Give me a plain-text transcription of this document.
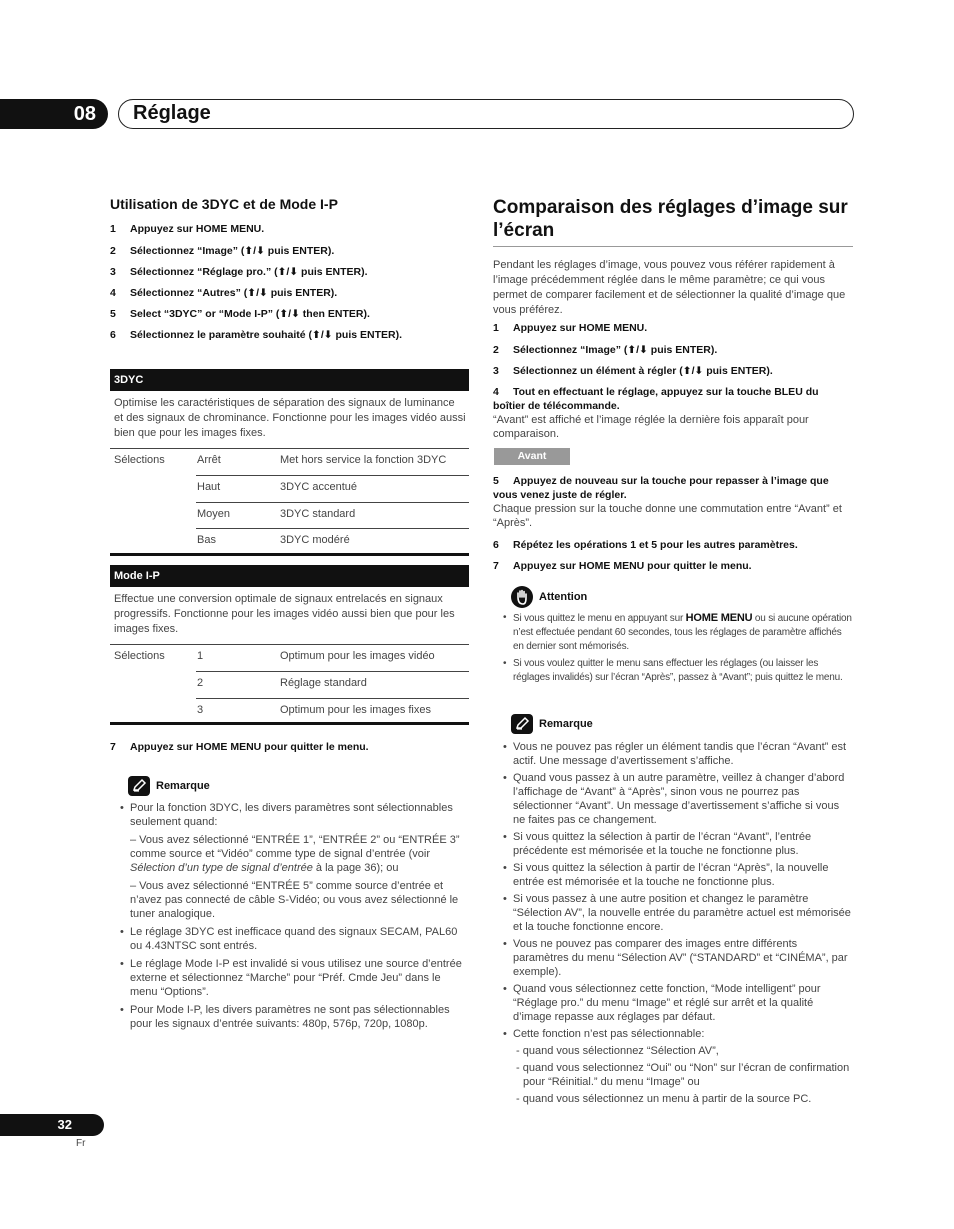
08	Réglage
Utilisation de 3DYC et de Mode I-P
1 Appuyez sur HOME MENU.
2 Sélectionnez “Image” (⬆/⬇ puis ENTER).
3 Sélectionnez “Réglage pro.” (⬆/⬇ puis ENTER).
4 Sélectionnez “Autres” (⬆/⬇ puis ENTER).
5 Select “3DYC” or “Mode I-P” (⬆/⬇ then ENTER).
6 Sélectionnez le paramètre souhaité (⬆/⬇ puis ENTER).
3DYC
Optimise les caractéristiques de séparation des signaux de luminance et des signaux de chrominance. Fonctionne pour les images vidéo aussi bien que pour les images fixes.
Sélections	Arrêt	Met hors service la fonction 3DYC
	Haut	3DYC accentué
	Moyen	3DYC standard
	Bas	3DYC modéré
Mode I-P
Effectue une conversion optimale de signaux entrelacés en signaux progressifs. Fonctionne pour les images vidéo aussi bien que pour les images fixes.
Sélections	1	Optimum pour les images vidéo
	2	Réglage standard
	3	Optimum pour les images fixes
7 Appuyez sur HOME MENU pour quitter le menu.
Remarque
• Pour la fonction 3DYC, les divers paramètres sont sélectionnables seulement quand:
– Vous avez sélectionné “ENTRÉE 1”, “ENTRÉE 2” ou “ENTRÉE 3” comme source et “Vidéo” comme type de signal d’entrée (voir Sélection d’un type de signal d’entrée à la page 36); ou
– Vous avez sélectionné “ENTRÉE 5” comme source d’entrée et n’avez pas connecté de câble S-Vidéo; ou vous avez sélectionné le tuner analogique.
• Le réglage 3DYC est inefficace quand des signaux SECAM, PAL60 ou 4.43NTSC sont entrés.
• Le réglage Mode I-P est invalidé si vous utilisez une source d’entrée externe et sélectionnez “Marche” pour “Préf. Cmde Jeu” dans le menu “Options”.
• Pour Mode I-P, les divers paramètres ne sont pas sélectionnables pour les signaux d’entrée suivants: 480p, 576p, 720p, 1080p.
Comparaison des réglages d’image sur l’écran
Pendant les réglages d’image, vous pouvez vous référer rapidement à l’image précédemment réglée dans le même paramètre; ce qui vous permet de comparer facilement et de sélectionner la qualité d’image que vous préférez.
1 Appuyez sur HOME MENU.
2 Sélectionnez “Image” (⬆/⬇ puis ENTER).
3 Sélectionnez un élément à régler (⬆/⬇ puis ENTER).
4 Tout en effectuant le réglage, appuyez sur la touche BLEU du boîtier de télécommande.
“Avant” est affiché et l’image réglée la dernière fois apparaît pour comparaison.
Avant
5 Appuyez de nouveau sur la touche pour repasser à l’image que vous venez juste de régler.
Chaque pression sur la touche donne une commutation entre “Avant” et “Après”.
6 Répétez les opérations 1 et 5 pour les autres paramètres.
7 Appuyez sur HOME MENU pour quitter le menu.
Attention
• Si vous quittez le menu en appuyant sur HOME MENU ou si aucune opération n’est effectuée pendant 60 secondes, tous les réglages de paramètre affichés en dernier sont mémorisés.
• Si vous voulez quitter le menu sans effectuer les réglages (ou laisser les réglages invalidés) sur l’écran “Après”, passez à “Avant”; puis quittez le menu.
Remarque
• Vous ne pouvez pas régler un élément tandis que l’écran “Avant” est actif. Une message d’avertissement s’affiche.
• Quand vous passez à un autre paramètre, veillez à changer d’abord l’affichage de “Avant” à “Après”, sinon vous ne pourrez pas sélectionner “Avant”. Un message d’avertissement s’affiche si vous ne faites pas ce changement.
• Si vous quittez la sélection à partir de l’écran “Avant”, l’entrée précédente est mémorisée et la touche ne fonctionne plus.
• Si vous quittez la sélection à partir de l’écran “Après”, la nouvelle entrée est mémorisée et la touche ne fonctionne plus.
• Si vous passez à une autre position et changez le paramètre “Sélection AV”, la nouvelle entrée du paramètre actuel est mémorisée et la touche fonctionne encore.
• Vous ne pouvez pas comparer des images entre différents paramètres du menu “Sélection AV” (“STANDARD” et “CINÉMA”, par exemple).
• Quand vous sélectionnez cette fonction, “Mode intelligent” pour “Réglage pro.” du menu “Image” et réglé sur arrêt et la qualité d’image repasse aux réglages par défaut.
• Cette fonction n’est pas sélectionnable:
- quand vous sélectionnez “Sélection AV”,
- quand vous selectionnez “Oui” ou “Non” sur l’écran de confirmation pour “Réinitial.” du menu “Image” ou
- quand vous sélectionnez un menu à partir de la source PC.
32
Fr
